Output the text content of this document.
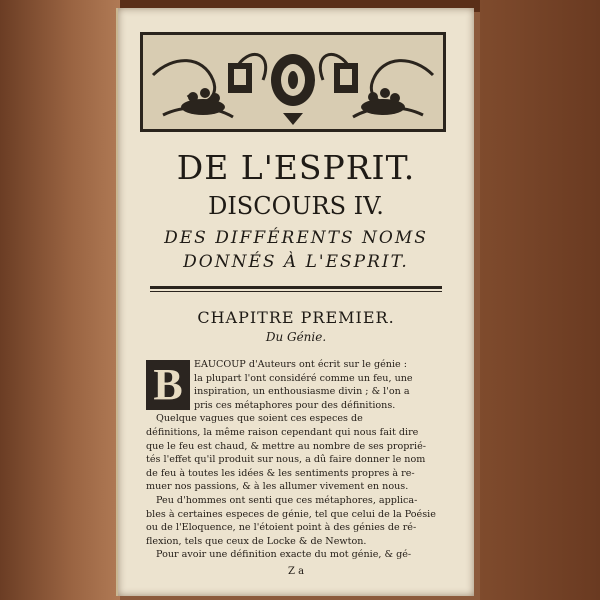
DE L'ESPRIT.
DISCOURS IV.
DES DIFFÉRENTS NOMS
DONNÉS À L'ESPRIT.
CHAPITRE PREMIER.
Du Génie.
EAUCOUP d'Auteurs ont écrit sur le génie :
la plupart l'ont considéré comme un feu, une
inspiration, un enthousiasme divin ; & l'on a
pris ces métaphores pour des définitions.
Quelque vagues que soient ces especes de
définitions, la même raison cependant qui nous fait dire
que le feu est chaud, & mettre au nombre de ses proprié-
tés l'effet qu'il produit sur nous, a dû faire donner le nom
de feu à toutes les idées & les sentiments propres à re-
muer nos passions, & à les allumer vivement en nous.
Peu d'hommes ont senti que ces métaphores, applica-
bles à certaines especes de génie, tel que celui de la Poésie
ou de l'Eloquence, ne l'étoient point à des génies de ré-
flexion, tels que ceux de Locke & de Newton.
Pour avoir une définition exacte du mot génie, & gé-
B
Z a
